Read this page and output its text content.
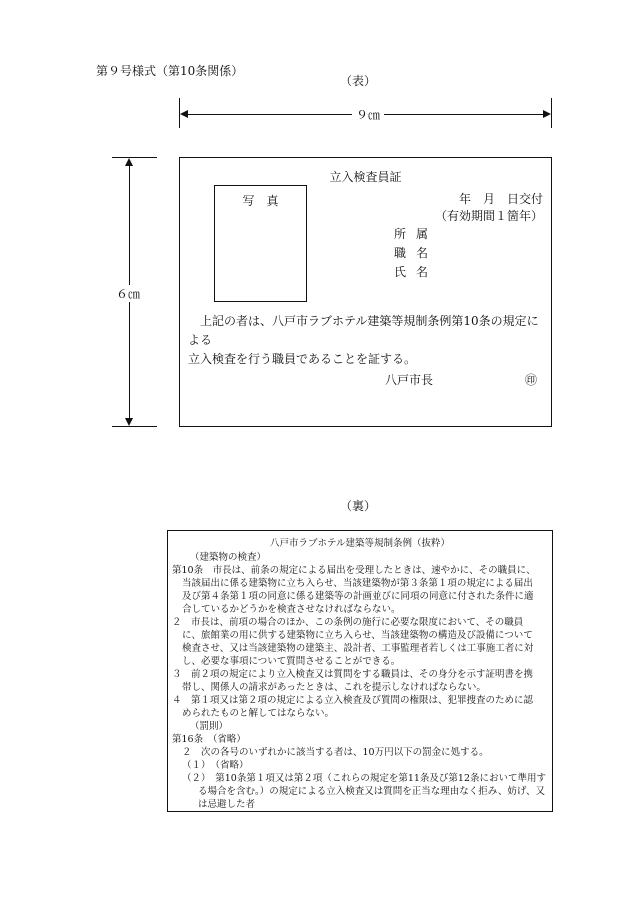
第９号様式（第10条関係）
（表）
９㎝
６㎝
立入検査員証
写　真	年　月　日交付
（有効期間１箇年）
所属
職名
氏名

　上記の者は、八戸市ラブホテル建築等規制条例第10条の規定による

立入検査を行う職員であることを証する。

八戸市長	㊞
（裏）
八戸市ラブホテル建築等規制条例（抜粋）
（建築物の検査）
第10条　市長は、前条の規定による届出を受理したときは、速やかに、その職員に、
当該届出に係る建築物に立ち入らせ、当該建築物が第３条第１項の規定による届出
及び第４条第１項の同意に係る建築等の計画並びに同項の同意に付された条件に適
合しているかどうかを検査させなければならない。
２　市長は、前項の場合のほか、この条例の施行に必要な限度において、その職員
に、旅館業の用に供する建築物に立ち入らせ、当該建築物の構造及び設備について
検査させ、又は当該建築物の建築主、設計者、工事監理者若しくは工事施工者に対
し、必要な事項について質問させることができる。
３　前２項の規定により立入検査又は質問をする職員は、その身分を示す証明書を携
帯し、関係人の請求があったときは、これを提示しなければならない。
４　第１項又は第２項の規定による立入検査及び質問の権限は、犯罪捜査のために認
められたものと解してはならない。
（罰則）
第16条　（省略）
２　次の各号のいずれかに該当する者は、10万円以下の罰金に処する。
（１）　（省略）
（２）　第10条第１項又は第２項（これらの規定を第11条及び第12条において準用す
る場合を含む。）の規定による立入検査又は質問を正当な理由なく拒み、妨げ、又
は忌避した者
